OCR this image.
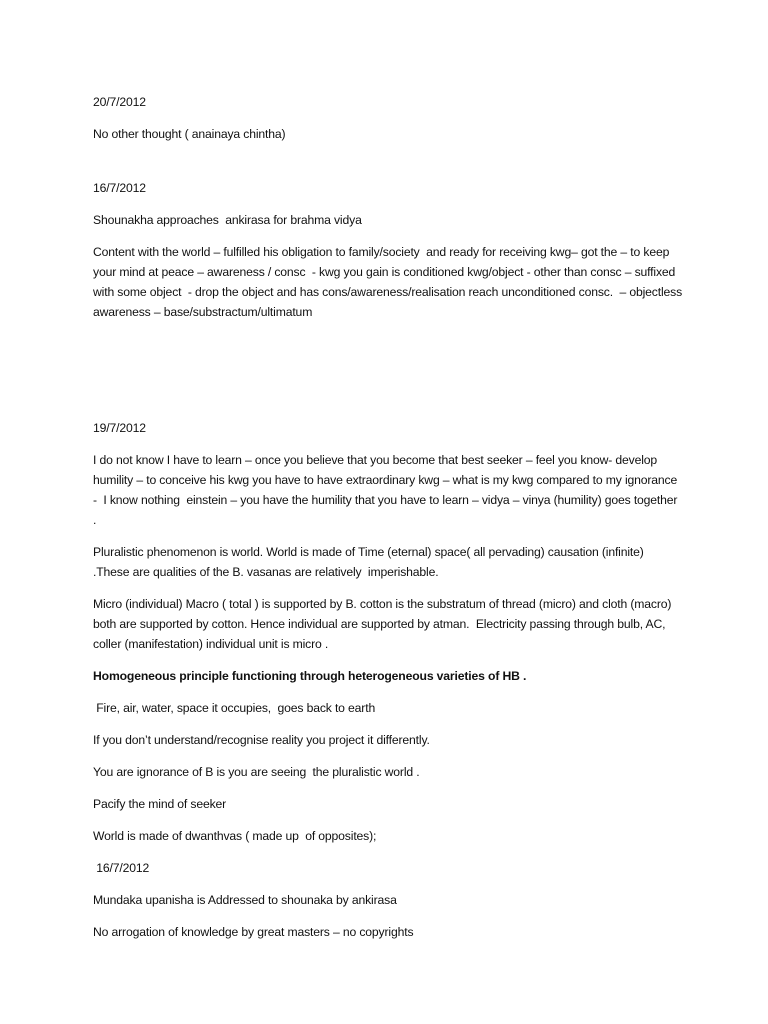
20/7/2012

No other thought ( anainaya chintha)

16/7/2012

Shounakha approaches  ankirasa for brahma vidya

Content with the world – fulfilled his obligation to family/society  and ready for receiving kwg– got the – to keep your mind at peace – awareness / consc  - kwg you gain is conditioned kwg/object - other than consc – suffixed with some object  - drop the object and has cons/awareness/realisation reach unconditioned consc.  – objectless awareness – base/substractum/ultimatum

19/7/2012

I do not know I have to learn – once you believe that you become that best seeker – feel you know- develop humility – to conceive his kwg you have to have extraordinary kwg – what is my kwg compared to my ignorance -  I know nothing  einstein – you have the humility that you have to learn – vidya – vinya (humility) goes together .

Pluralistic phenomenon is world. World is made of Time (eternal) space( all pervading) causation (infinite) .These are qualities of the B. vasanas are relatively  imperishable.

Micro (individual) Macro ( total ) is supported by B. cotton is the substratum of thread (micro) and cloth (macro) both are supported by cotton. Hence individual are supported by atman.  Electricity passing through bulb, AC, coller (manifestation) individual unit is micro .

Homogeneous principle functioning through heterogeneous varieties of HB .

Fire, air, water, space it occupies,  goes back to earth

If you don’t understand/recognise reality you project it differently.

You are ignorance of B is you are seeing  the pluralistic world .

Pacify the mind of seeker

World is made of dwanthvas ( made up  of opposites);

16/7/2012

Mundaka upanisha is Addressed to shounaka by ankirasa

No arrogation of knowledge by great masters – no copyrights
